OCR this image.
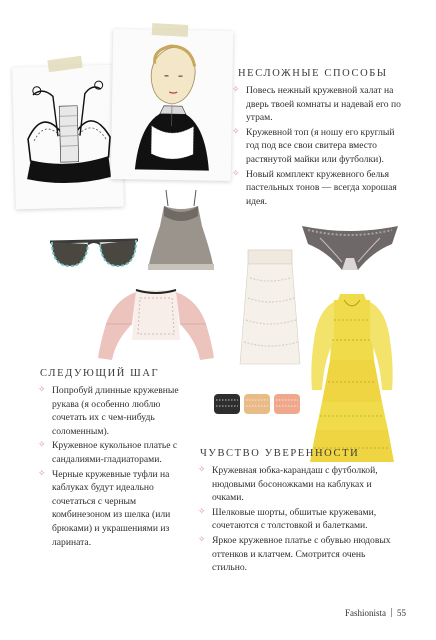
НЕСЛОЖНЫЕ СПОСОБЫ
✧ Повесь нежный кружевной халат на дверь твоей комнаты и надевай его по утрам.
✧ Кружевной топ (я ношу его круглый год под все свои свитера вместо растянутой майки или футболки).
✧ Новый комплект кружевного белья пастельных тонов — всегда хорошая идея.
СЛЕДУЮЩИЙ ШАГ
✧ Попробуй длинные кружевные рукава (я особенно люблю сочетать их с чем-нибудь соломенным).
✧ Кружевное кукольное платье с сандалиями-гладиаторами.
✧ Черные кружевные туфли на каблуках будут идеально сочетаться с черным комбинезоном из шелка (или брюками) и украшениями из ларината.
ЧУВСТВО УВЕРЕННОСТИ
✧ Кружевная юбка-карандаш с футболкой, нюдовыми босоножками на каблуках и очками.
✧ Шелковые шорты, обшитые кружевами, сочетаются с толстовкой и балетками.
✧ Яркое кружевное платье с обувью нюдовых оттенков и клатчем. Смотрится очень стильно.
Fashionista 55
